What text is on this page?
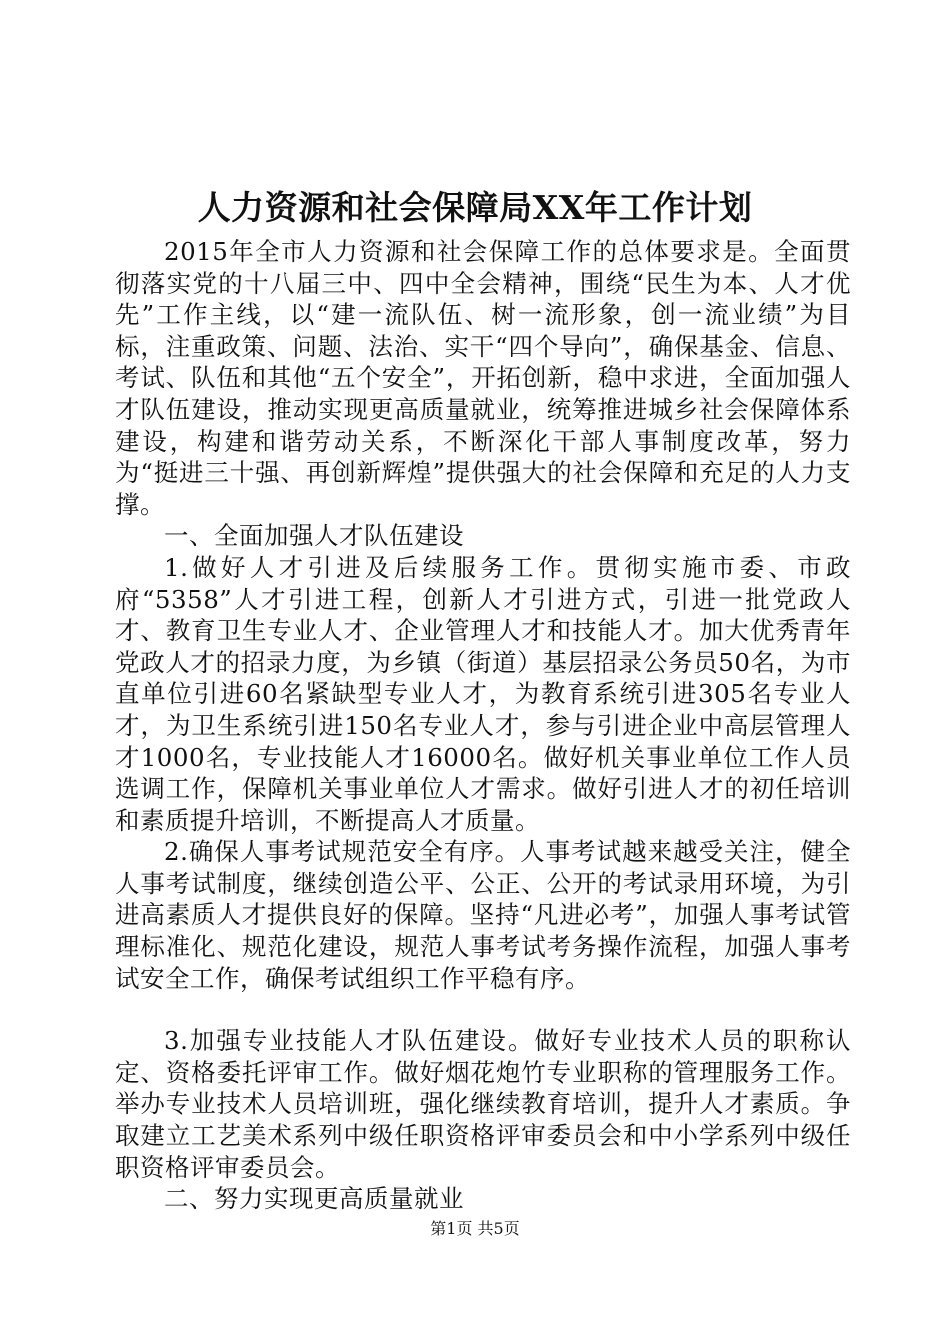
人力资源和社会保障局XX年工作计划

2015年全市人力资源和社会保障工作的总体要求是。全面贯彻落实党的十八届三中、四中全会精神，围绕“民生为本、人才优先”工作主线，以“建一流队伍、树一流形象，创一流业绩”为目标，注重政策、问题、法治、实干“四个导向”，确保基金、信息、考试、队伍和其他“五个安全”，开拓创新，稳中求进，全面加强人才队伍建设，推动实现更高质量就业，统筹推进城乡社会保障体系建设，构建和谐劳动关系，不断深化干部人事制度改革，努力为“挺进三十强、再创新辉煌”提供强大的社会保障和充足的人力支撑。

一、全面加强人才队伍建设

1.做好人才引进及后续服务工作。贯彻实施市委、市政府“5358”人才引进工程，创新人才引进方式，引进一批党政人才、教育卫生专业人才、企业管理人才和技能人才。加大优秀青年党政人才的招录力度，为乡镇（街道）基层招录公务员50名，为市直单位引进60名紧缺型专业人才，为教育系统引进305名专业人才，为卫生系统引进150名专业人才，参与引进企业中高层管理人才1000名，专业技能人才16000名。做好机关事业单位工作人员选调工作，保障机关事业单位人才需求。做好引进人才的初任培训和素质提升培训，不断提高人才质量。

2.确保人事考试规范安全有序。人事考试越来越受关注，健全人事考试制度，继续创造公平、公正、公开的考试录用环境，为引进高素质人才提供良好的保障。坚持“凡进必考”，加强人事考试管理标准化、规范化建设，规范人事考试考务操作流程，加强人事考试安全工作，确保考试组织工作平稳有序。

3.加强专业技能人才队伍建设。做好专业技术人员的职称认定、资格委托评审工作。做好烟花炮竹专业职称的管理服务工作。举办专业技术人员培训班，强化继续教育培训，提升人才素质。争取建立工艺美术系列中级任职资格评审委员会和中小学系列中级任职资格评审委员会。

二、努力实现更高质量就业

第1页 共5页
